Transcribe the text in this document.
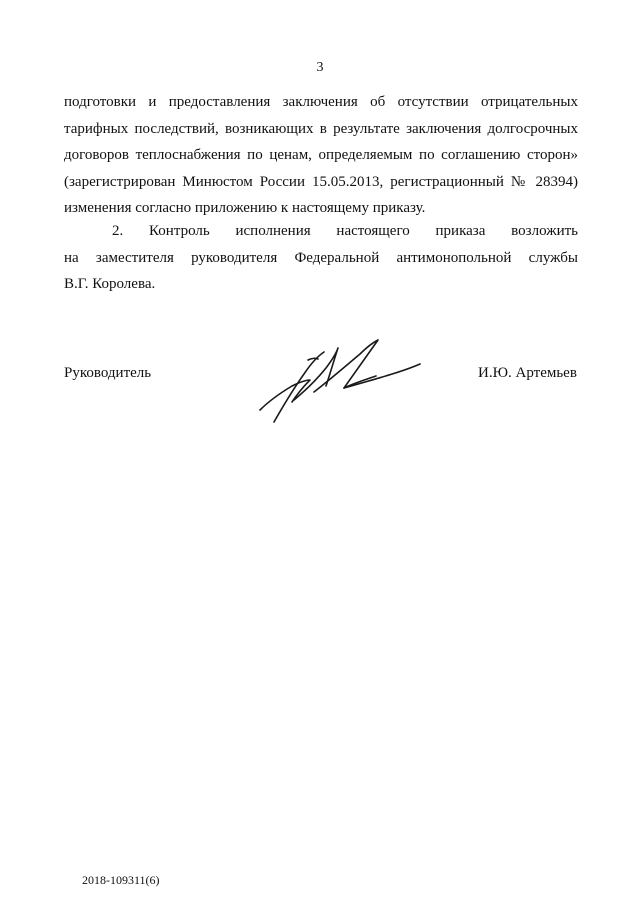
3
подготовки и предоставления заключения об отсутствии отрицательных
тарифных последствий, возникающих в результате заключения долгосрочных
договоров теплоснабжения по ценам, определяемым по соглашению сторон»
(зарегистрирован Минюстом России 15.05.2013, регистрационный № 28394)
изменения согласно приложению к настоящему приказу.
2. Контроль исполнения настоящего приказа возложить
на заместителя руководителя Федеральной антимонопольной службы
В.Г. Королева.
Руководитель	И.Ю. Артемьев
2018-109311(6)
